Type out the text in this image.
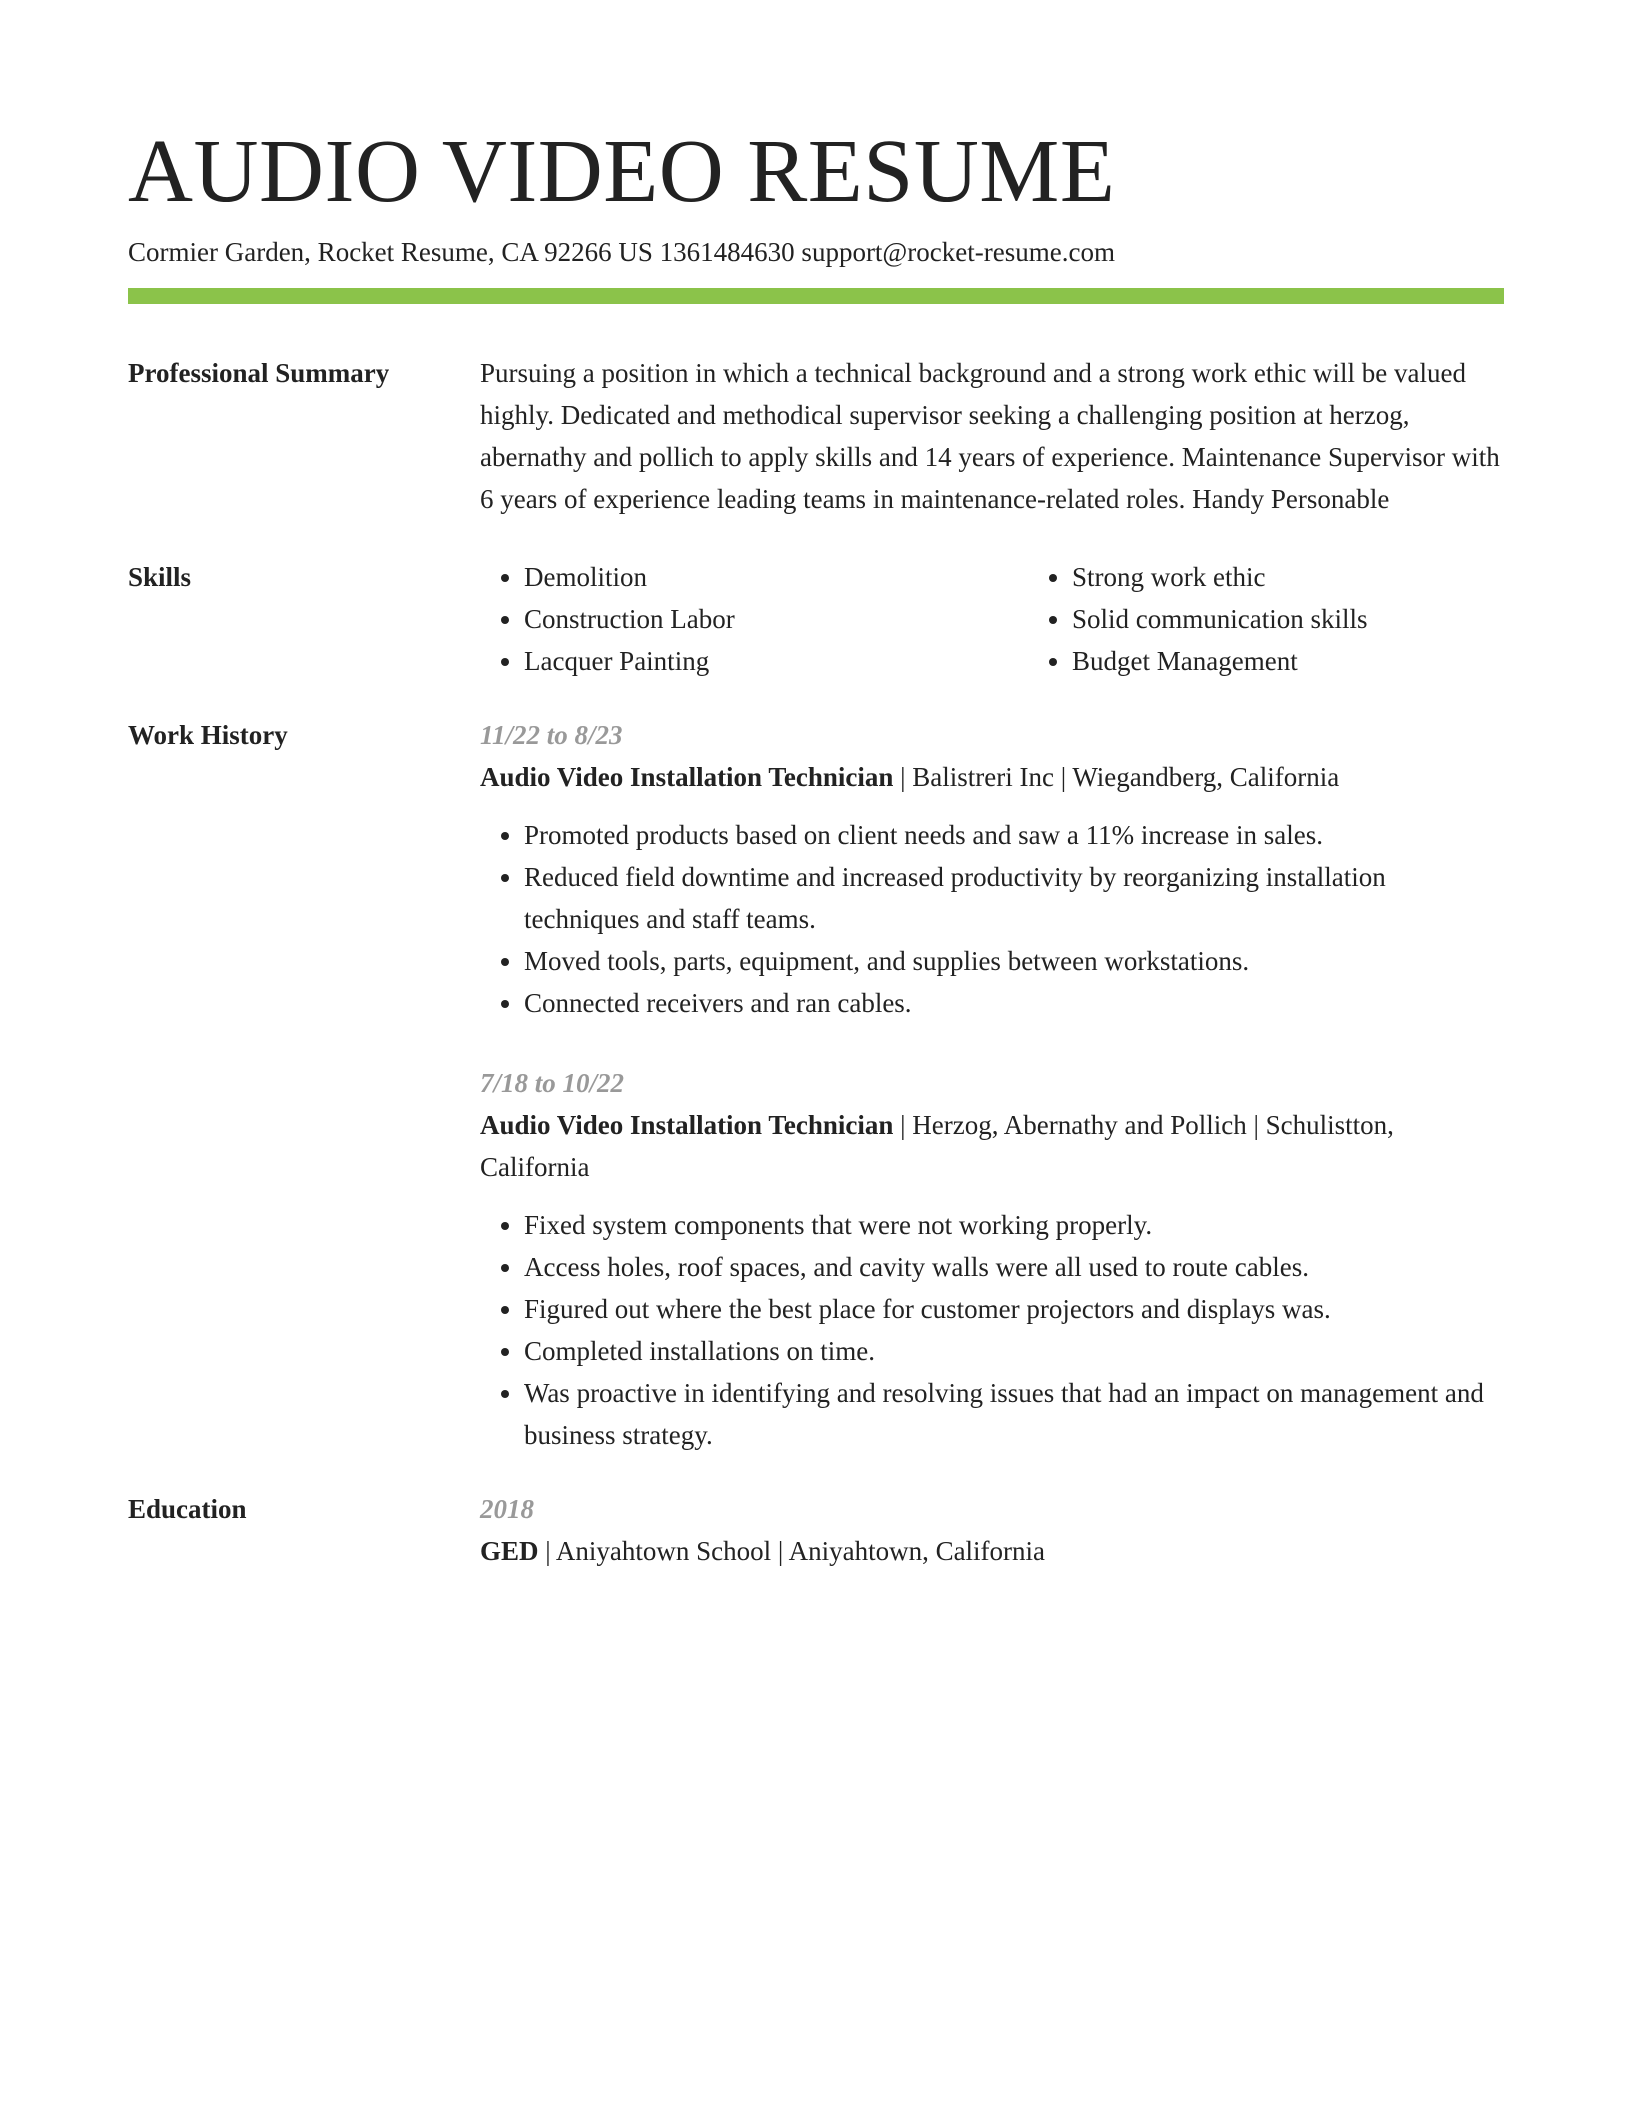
AUDIO VIDEO RESUME
Cormier Garden, Rocket Resume, CA 92266 US 1361484630 support@rocket-resume.com
Professional Summary	Pursuing a position in which a technical background and a strong work ethic will be valued highly. Dedicated and methodical supervisor seeking a challenging position at herzog, abernathy and pollich to apply skills and 14 years of experience. Maintenance Supervisor with 6 years of experience leading teams in maintenance-related roles. Handy Personable
Skills
•	Demolition
• Construction Labor
• Lacquer Painting
• Strong work ethic
• Solid communication skills
• Budget Management
Work History	11/22 to 8/23
Audio Video Installation Technician | Balistreri Inc | Wiegandberg, California
• Promoted products based on client needs and saw a 11% increase in sales.
• Reduced field downtime and increased productivity by reorganizing installation techniques and staff teams.
• Moved tools, parts, equipment, and supplies between workstations.
• Connected receivers and ran cables.
7/18 to 10/22
Audio Video Installation Technician | Herzog, Abernathy and Pollich | Schulistton, California
• Fixed system components that were not working properly.
• Access holes, roof spaces, and cavity walls were all used to route cables.
• Figured out where the best place for customer projectors and displays was.
• Completed installations on time.
• Was proactive in identifying and resolving issues that had an impact on management and business strategy.
Education	2018
GED | Aniyahtown School | Aniyahtown, California
